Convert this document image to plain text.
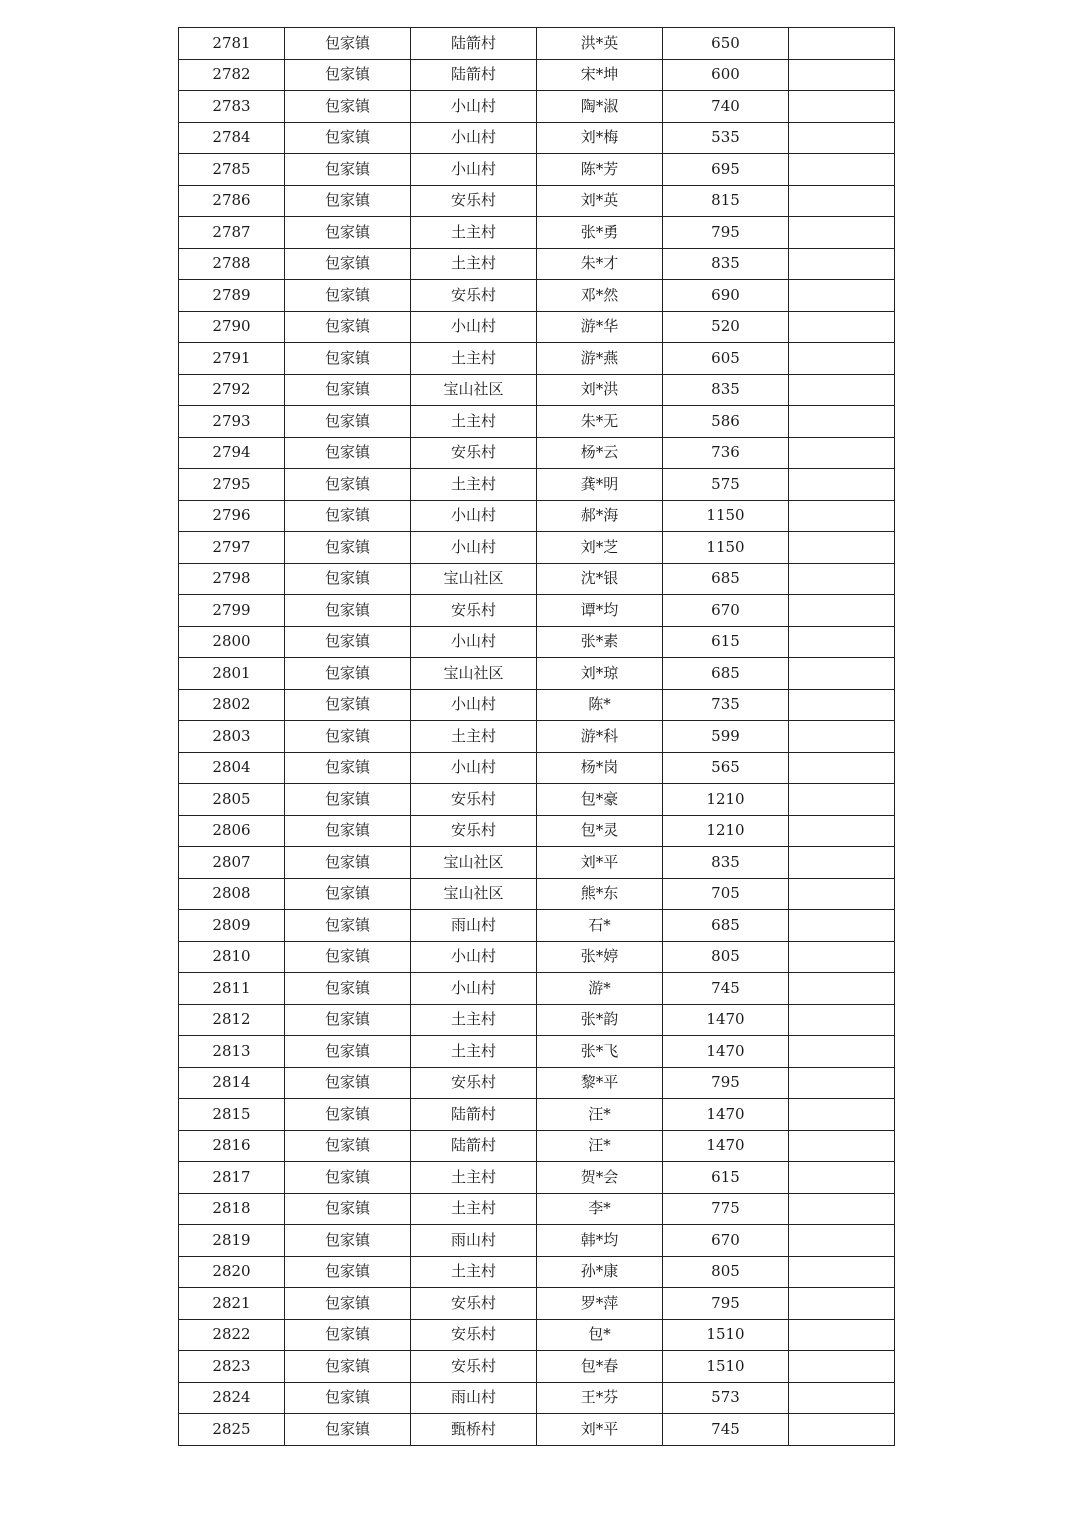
2781	包家镇	陆箭村	洪*英	650	
2782	包家镇	陆箭村	宋*坤	600	
2783	包家镇	小山村	陶*淑	740	
2784	包家镇	小山村	刘*梅	535	
2785	包家镇	小山村	陈*芳	695	
2786	包家镇	安乐村	刘*英	815	
2787	包家镇	土主村	张*勇	795	
2788	包家镇	土主村	朱*才	835	
2789	包家镇	安乐村	邓*然	690	
2790	包家镇	小山村	游*华	520	
2791	包家镇	土主村	游*燕	605	
2792	包家镇	宝山社区	刘*洪	835	
2793	包家镇	土主村	朱*无	586	
2794	包家镇	安乐村	杨*云	736	
2795	包家镇	土主村	龚*明	575	
2796	包家镇	小山村	郝*海	1150	
2797	包家镇	小山村	刘*芝	1150	
2798	包家镇	宝山社区	沈*银	685	
2799	包家镇	安乐村	谭*均	670	
2800	包家镇	小山村	张*素	615	
2801	包家镇	宝山社区	刘*琼	685	
2802	包家镇	小山村	陈*	735	
2803	包家镇	土主村	游*科	599	
2804	包家镇	小山村	杨*岗	565	
2805	包家镇	安乐村	包*豪	1210	
2806	包家镇	安乐村	包*灵	1210	
2807	包家镇	宝山社区	刘*平	835	
2808	包家镇	宝山社区	熊*东	705	
2809	包家镇	雨山村	石*	685	
2810	包家镇	小山村	张*婷	805	
2811	包家镇	小山村	游*	745	
2812	包家镇	土主村	张*韵	1470	
2813	包家镇	土主村	张*飞	1470	
2814	包家镇	安乐村	黎*平	795	
2815	包家镇	陆箭村	汪*	1470	
2816	包家镇	陆箭村	汪*	1470	
2817	包家镇	土主村	贺*会	615	
2818	包家镇	土主村	李*	775	
2819	包家镇	雨山村	韩*均	670	
2820	包家镇	土主村	孙*康	805	
2821	包家镇	安乐村	罗*萍	795	
2822	包家镇	安乐村	包*	1510	
2823	包家镇	安乐村	包*春	1510	
2824	包家镇	雨山村	王*芬	573	
2825	包家镇	甄桥村	刘*平	745	
